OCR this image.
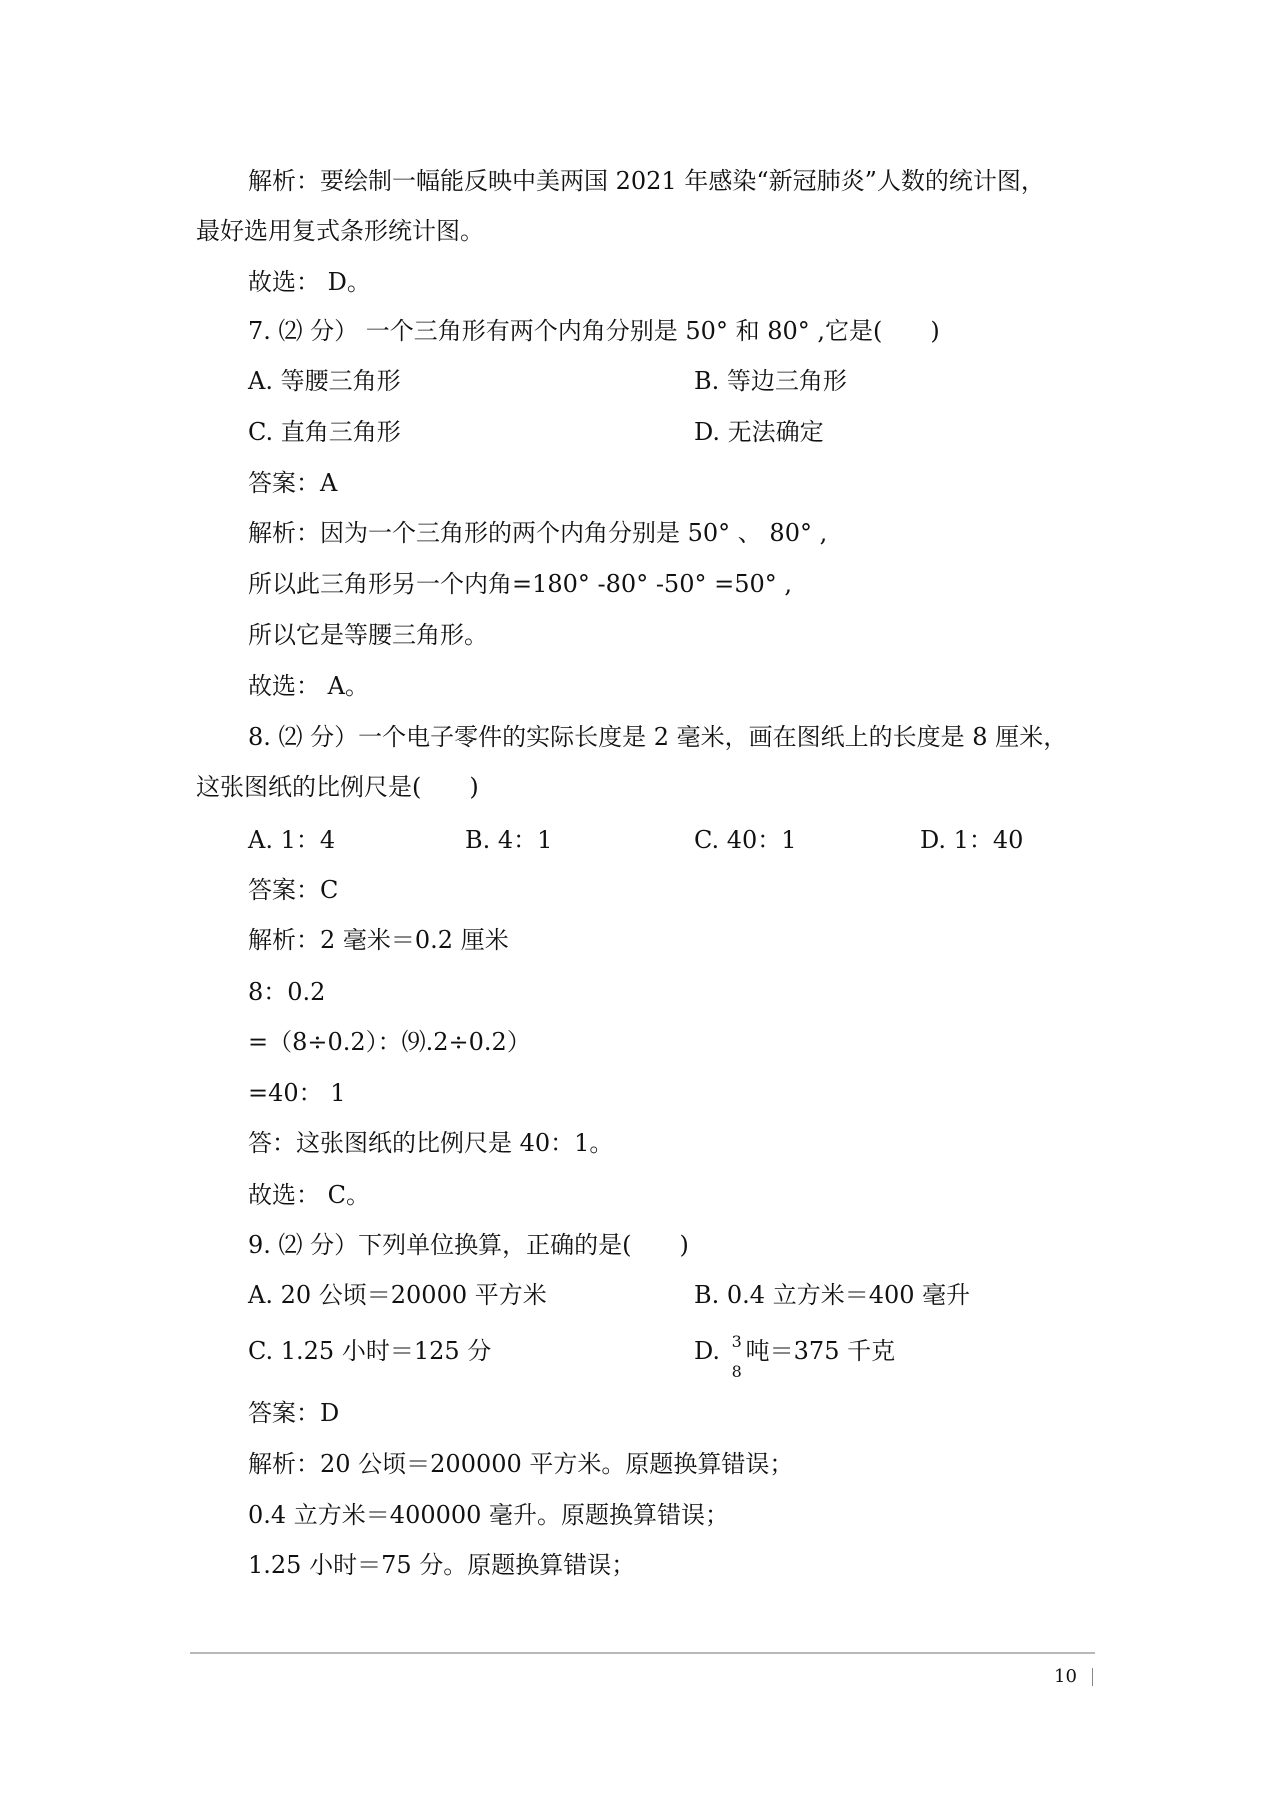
解析：要绘制一幅能反映中美两国 2021 年感染“新冠肺炎”人数的统计图，
最好选用复式条形统计图。
故选： D。
7. ⑵ 分） 一个三角形有两个内角分别是 50° 和 80° ,它是(　　)
A. 等腰三角形	B. 等边三角形
C. 直角三角形	D. 无法确定
答案：A
解析：因为一个三角形的两个内角分别是 50° 、 80° ,
所以此三角形另一个内角=180° -80° -50° =50° ,
所以它是等腰三角形。
故选： A。
8. ⑵ 分）一个电子零件的实际长度是 2 毫米，画在图纸上的长度是 8 厘米，
这张图纸的比例尺是(　　)
A. 1：4	B. 4：1	C. 40：1	D. 1：40
答案：C
解析：2 毫米＝0.2 厘米
8：0.2
=（8÷0.2）：⑼.2÷0.2）
=40： 1
答：这张图纸的比例尺是 40：1。
故选： C。
9. ⑵ 分）下列单位换算，正确的是(　　)
A. 20 公顷＝20000 平方米	B. 0.4 立方米＝400 毫升
C. 1.25 小时＝125 分	D. 3
8
吨＝375 千克
答案：D
解析：20 公顷＝200000 平方米。原题换算错误；
0.4 立方米＝400000 毫升。原题换算错误；
1.25 小时＝75 分。原题换算错误；
10
